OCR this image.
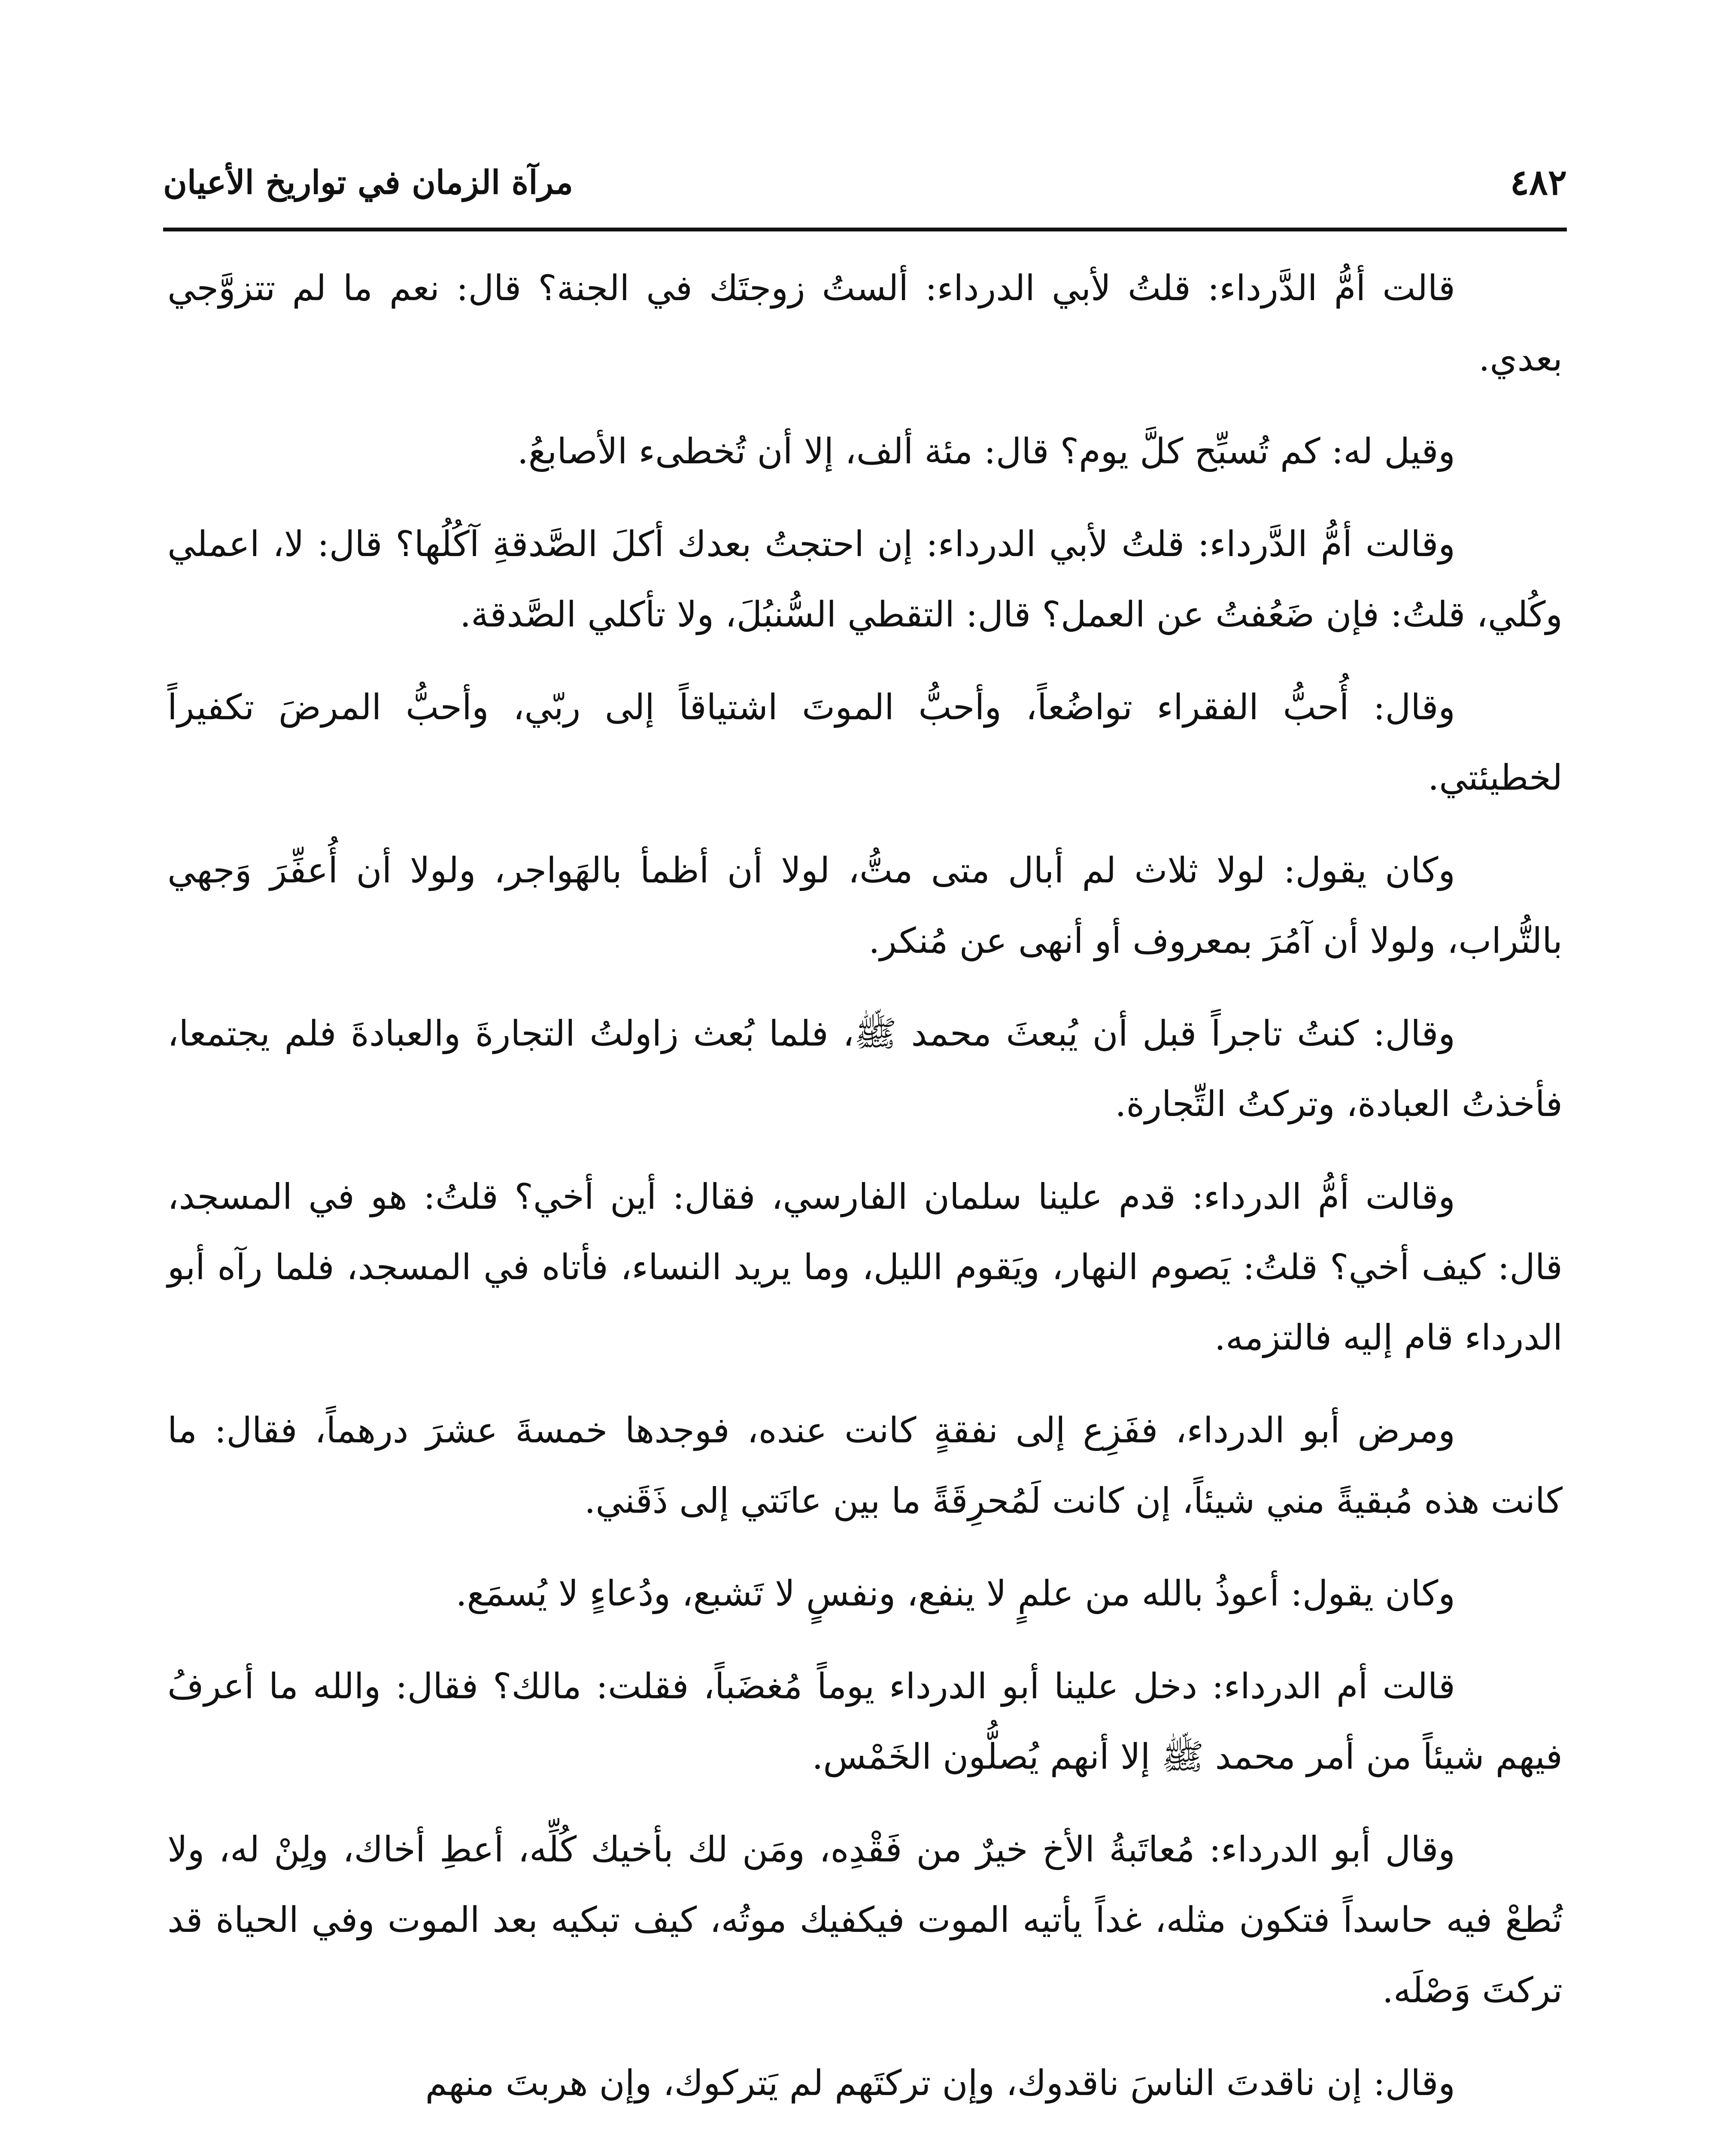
٤٨٢
مرآة الزمان في تواريخ الأعيان

قالت أمُّ الدَّرداء: قلتُ لأبي الدرداء: ألستُ زوجتَك في الجنة؟ قال: نعم ما لم تتزوَّجي بعدي.

وقيل له: كم تُسبِّح كلَّ يوم؟ قال: مئة ألف، إلا أن تُخطىء الأصابعُ.

وقالت أمُّ الدَّرداء: قلتُ لأبي الدرداء: إن احتجتُ بعدك أكلَ الصَّدقةِ آكُلُها؟ قال: لا، اعملي وكُلي، قلتُ: فإن ضَعُفتُ عن العمل؟ قال: التقطي السُّنبُلَ، ولا تأكلي الصَّدقة.

وقال: أُحبُّ الفقراء تواضُعاً، وأحبُّ الموتَ اشتياقاً إلى ربّي، وأحبُّ المرضَ تكفيراً لخطيئتي.

وكان يقول: لولا ثلاث لم أبال متى متُّ، لولا أن أظمأ بالهَواجر، ولولا أن أُعفِّرَ وَجهي بالتُّراب، ولولا أن آمُرَ بمعروف أو أنهى عن مُنكر.

وقال: كنتُ تاجراً قبل أن يُبعثَ محمد ﷺ، فلما بُعث زاولتُ التجارةَ والعبادةَ فلم يجتمعا، فأخذتُ العبادة، وتركتُ التِّجارة.

وقالت أمُّ الدرداء: قدم علينا سلمان الفارسي، فقال: أين أخي؟ قلتُ: هو في المسجد، قال: كيف أخي؟ قلتُ: يَصوم النهار، ويَقوم الليل، وما يريد النساء، فأتاه في المسجد، فلما رآه أبو الدرداء قام إليه فالتزمه.

ومرض أبو الدرداء، ففَزِع إلى نفقةٍ كانت عنده، فوجدها خمسةَ عشرَ درهماً، فقال: ما كانت هذه مُبقيةً مني شيئاً، إن كانت لَمُحرِقَةً ما بين عانَتي إلى ذَقَني.

وكان يقول: أعوذُ بالله من علمٍ لا ينفع، ونفسٍ لا تَشبع، ودُعاءٍ لا يُسمَع.

قالت أم الدرداء: دخل علينا أبو الدرداء يوماً مُغضَباً، فقلت: مالك؟ فقال: والله ما أعرفُ فيهم شيئاً من أمر محمد ﷺ إلا أنهم يُصلُّون الخَمْس.

وقال أبو الدرداء: مُعاتَبةُ الأخ خيرٌ من فَقْدِه، ومَن لك بأخيك كُلِّه، أعطِ أخاك، ولِنْ له، ولا تُطعْ فيه حاسداً فتكون مثله، غداً يأتيه الموت فيكفيك موتُه، كيف تبكيه بعد الموت وفي الحياة قد تركتَ وَصْلَه.

وقال: إن ناقدتَ الناسَ ناقدوك، وإن تركتَهم لم يَتركوك، وإن هربتَ منهم
